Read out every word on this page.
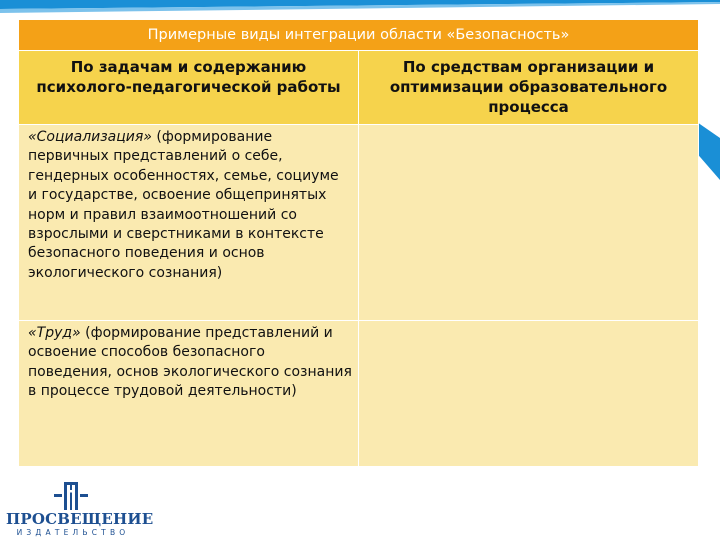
Примерные виды интеграции области «Безопасность»	
По задачам и содержанию психолого-педагогической работы	По средствам организации и оптимизации образовательного процесса
«Социализация» (формирование первичных представлений о себе, гендерных особенностях, семье, социуме и государстве, освоение общепринятых норм и правил взаимоотношений со взрослыми и сверстниками в контексте безопасного поведения и основ экологического сознания)	
«Труд» (формирование представлений и освоение способов безопасного поведения, основ экологического сознания в процессе трудовой деятельности)	
ПРОСВЕЩЕНИЕ
ИЗДАТЕЛЬСТВО
